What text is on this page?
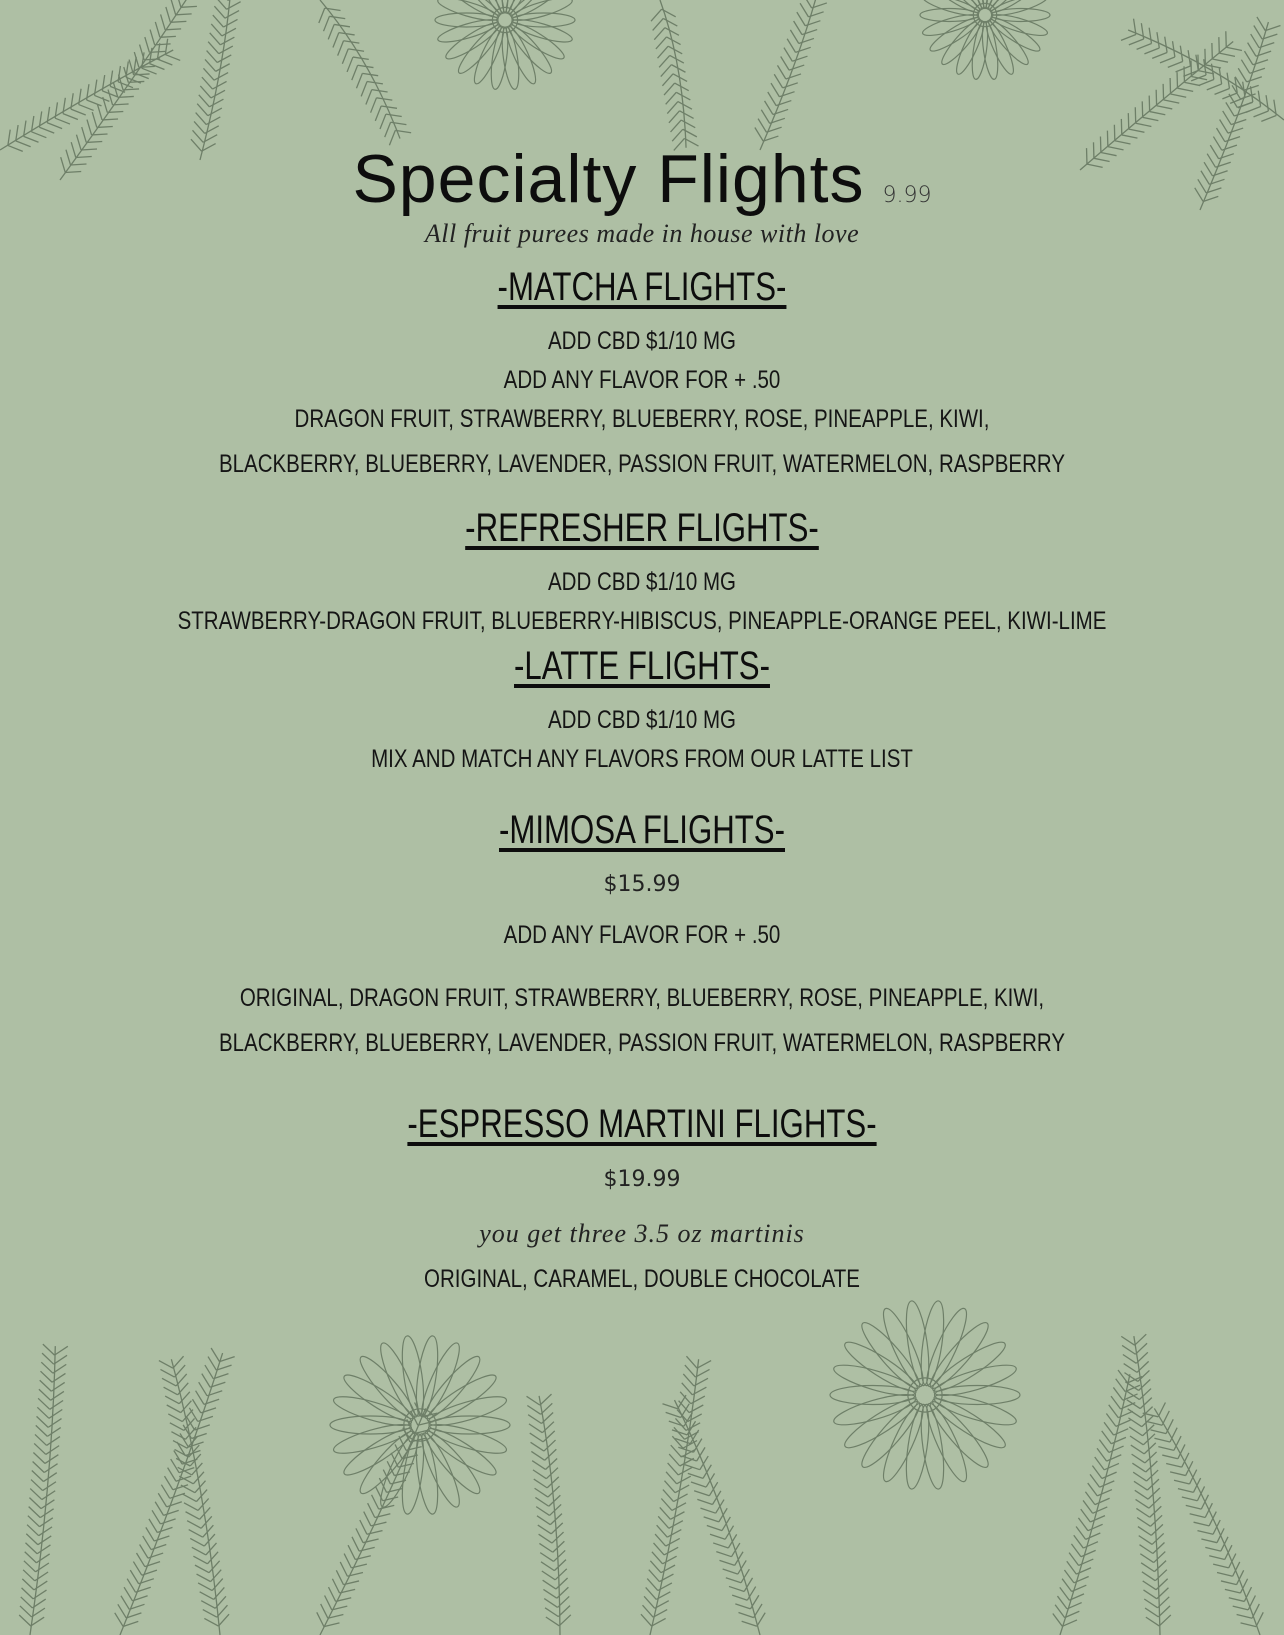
Specialty Flights 9.99
All fruit purees made in house with love
-MATCHA FLIGHTS-
ADD CBD $1/10 MG
ADD ANY FLAVOR FOR + .50
DRAGON FRUIT, STRAWBERRY, BLUEBERRY, ROSE, PINEAPPLE, KIWI,
BLACKBERRY, BLUEBERRY, LAVENDER, PASSION FRUIT, WATERMELON, RASPBERRY
-REFRESHER FLIGHTS-
ADD CBD $1/10 MG
STRAWBERRY-DRAGON FRUIT, BLUEBERRY-HIBISCUS, PINEAPPLE-ORANGE PEEL, KIWI-LIME
-LATTE FLIGHTS-
ADD CBD $1/10 MG
MIX AND MATCH ANY FLAVORS FROM OUR LATTE LIST
-MIMOSA FLIGHTS-
$15.99
ADD ANY FLAVOR FOR + .50
ORIGINAL, DRAGON FRUIT, STRAWBERRY, BLUEBERRY, ROSE, PINEAPPLE, KIWI,
BLACKBERRY, BLUEBERRY, LAVENDER, PASSION FRUIT, WATERMELON, RASPBERRY
-ESPRESSO MARTINI FLIGHTS-
$19.99
you get three 3.5 oz martinis
ORIGINAL, CARAMEL, DOUBLE CHOCOLATE
